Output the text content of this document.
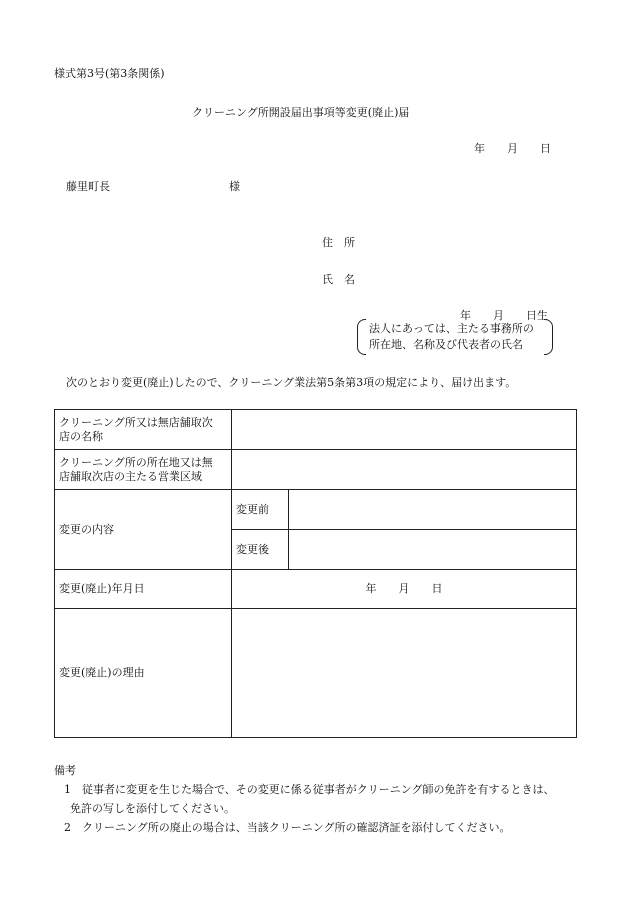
様式第3号(第3条関係)
クリーニング所開設届出事項等変更(廃止)届
年　　月　　日
藤里町長	様
住　所
氏　名
年　　月　　日生
法人にあっては、主たる事務所の
所在地、名称及び代表者の氏名
次のとおり変更(廃止)したので、クリーニング業法第5条第3項の規定により、届け出ます。
クリーニング所又は無店舗取次
店の名称		

クリーニング所の所在地又は無
店舗取次店の主たる営業区域		

変更の内容	変更前	
	変更後	
変更(廃止)年月日	年　　月　　日	
変更(廃止)の理由		
備考
1　 従事者に変更を生じた場合で、その変更に係る従事者がクリーニング師の免許を有するときは、
免許の写しを添付してください。
2　 クリーニング所の廃止の場合は、当該クリーニング所の確認済証を添付してください。
